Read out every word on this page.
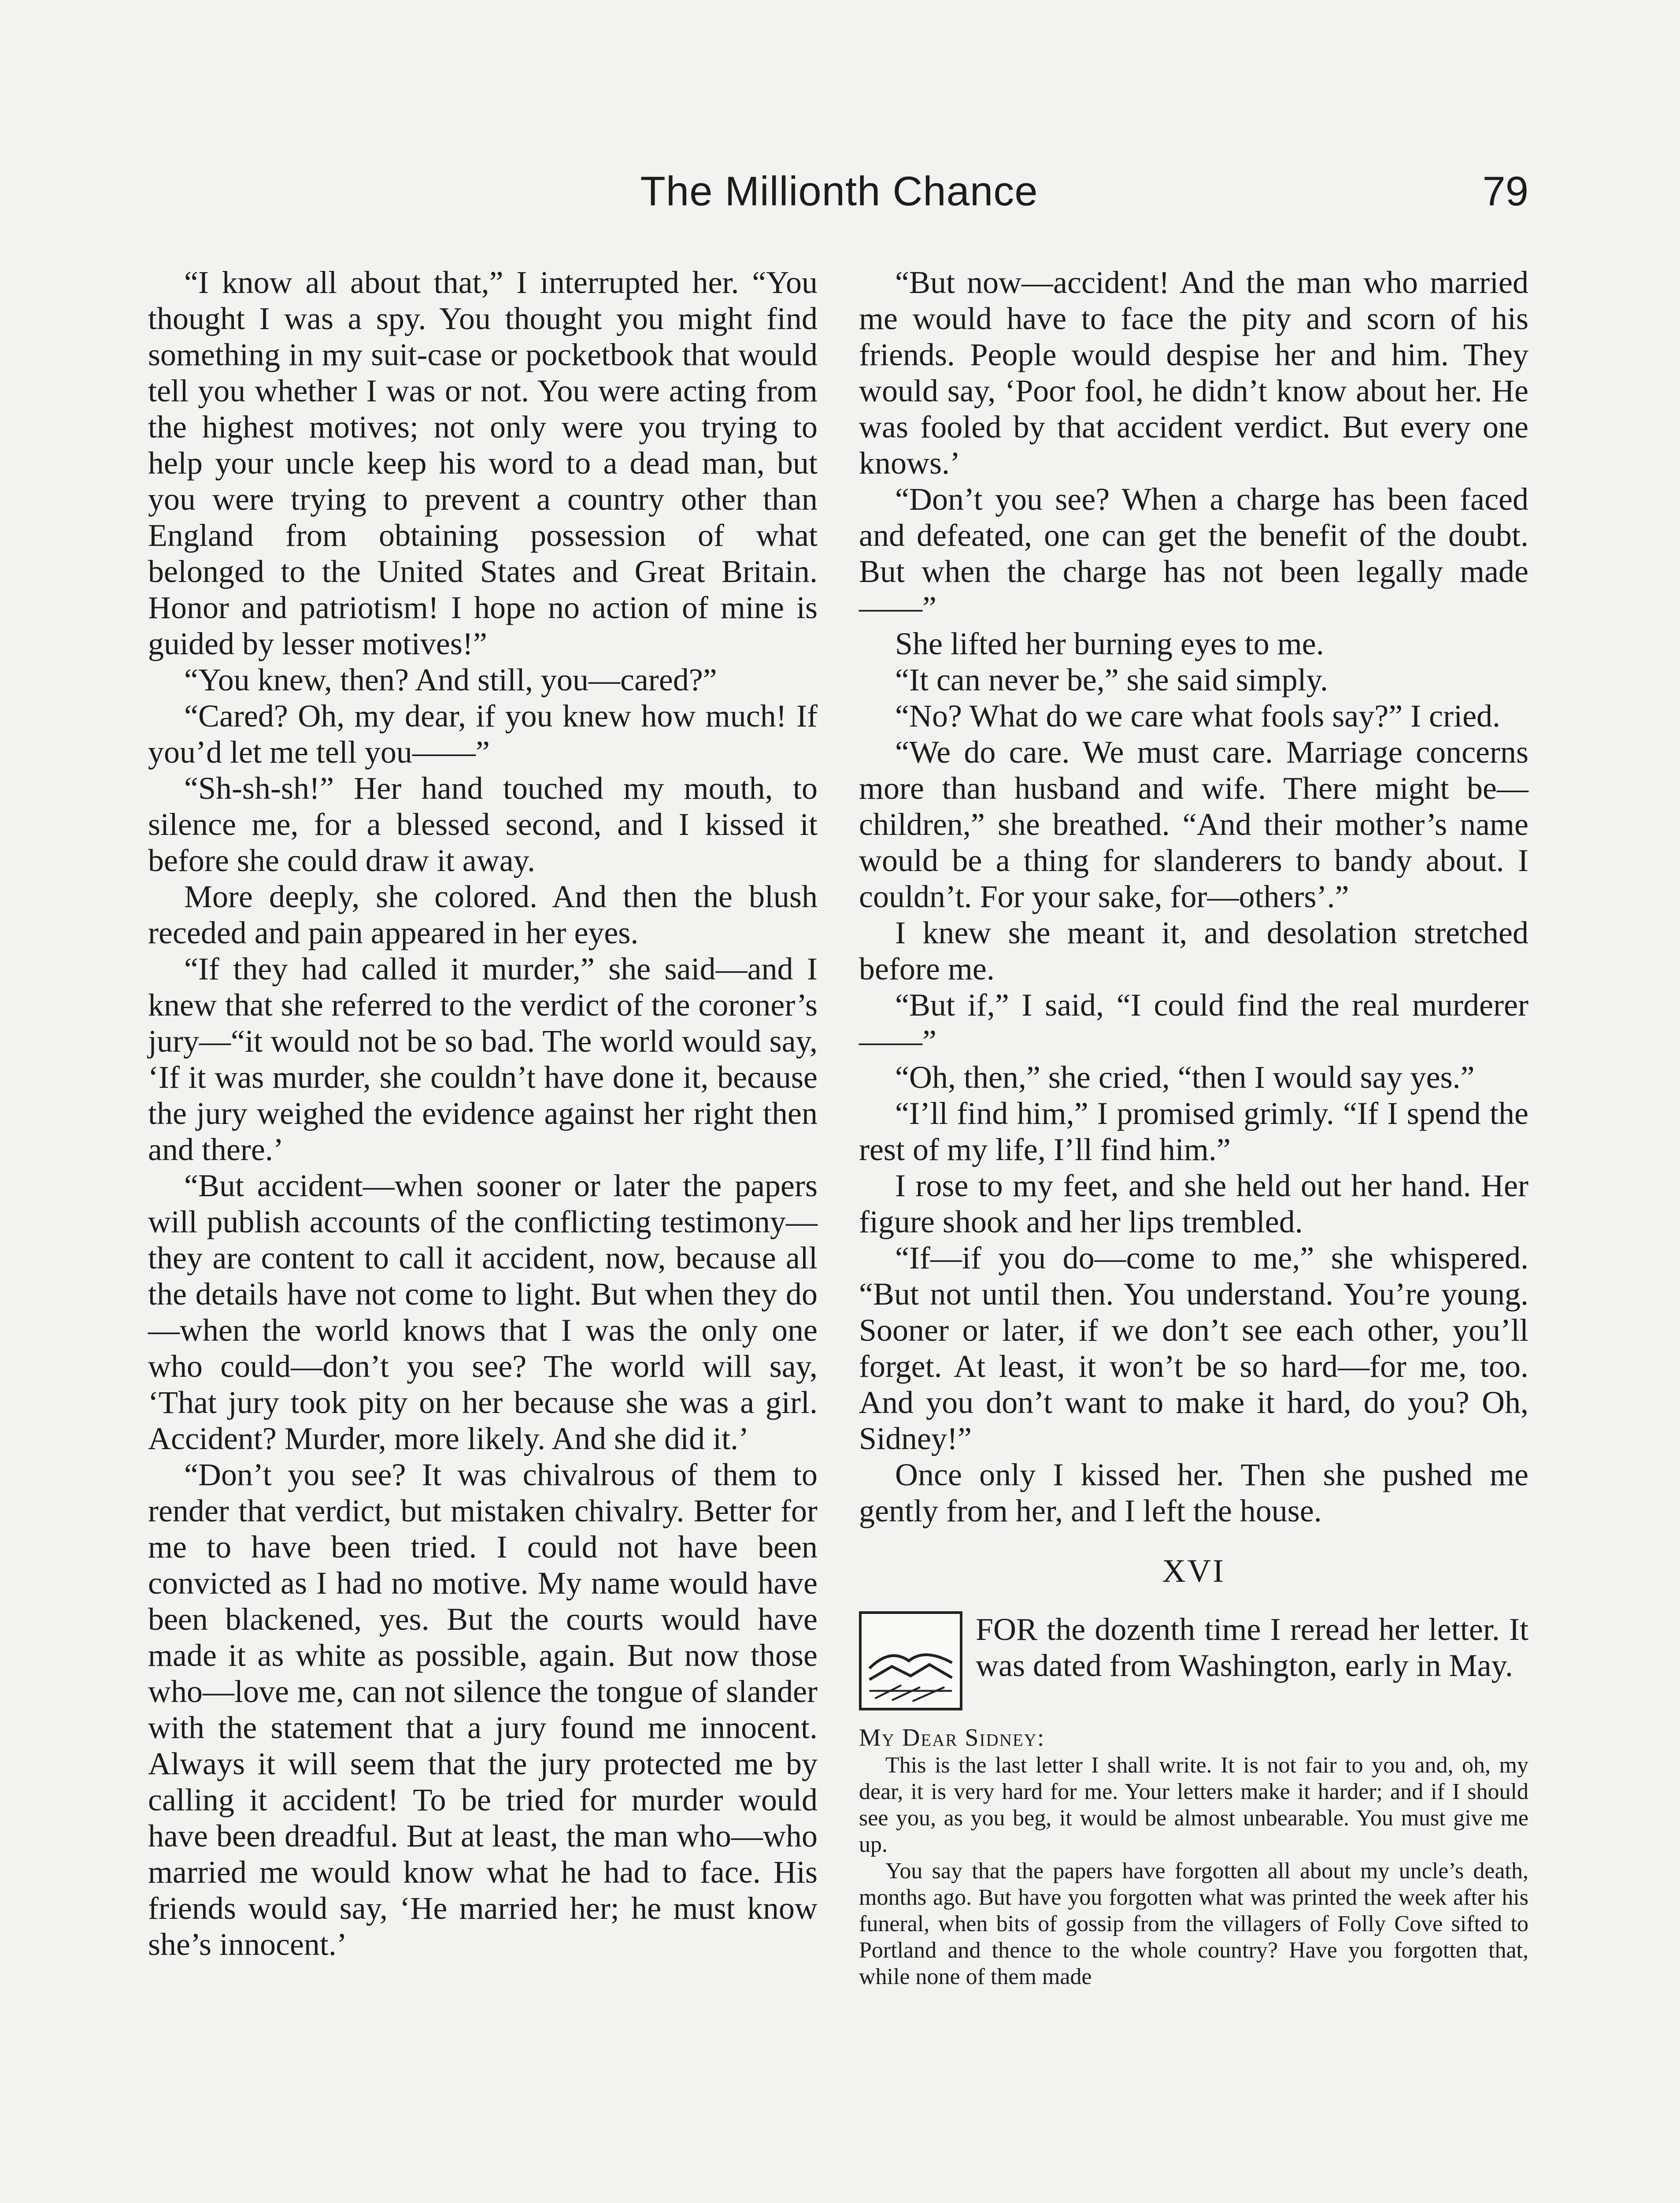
The Millionth Chance	79

“I know all about that,” I interrupted her. “You thought I was a spy. You thought you might find something in my suit-case or pocketbook that would tell you whether I was or not. You were acting from the highest motives; not only were you trying to help your uncle keep his word to a dead man, but you were trying to prevent a country other than England from obtaining possession of what belonged to the United States and Great Britain. Honor and patriotism! I hope no action of mine is guided by lesser motives!”

“You knew, then? And still, you—cared?”

“Cared? Oh, my dear, if you knew how much! If you’d let me tell you——”

“Sh-sh-sh!” Her hand touched my mouth, to silence me, for a blessed second, and I kissed it before she could draw it away.

More deeply, she colored. And then the blush receded and pain appeared in her eyes.

“If they had called it murder,” she said—and I knew that she referred to the verdict of the coroner’s jury—“it would not be so bad. The world would say, ‘If it was murder, she couldn’t have done it, because the jury weighed the evidence against her right then and there.’

“But accident—when sooner or later the papers will publish accounts of the conflicting testimony—they are content to call it accident, now, because all the details have not come to light. But when they do—when the world knows that I was the only one who could—don’t you see? The world will say, ‘That jury took pity on her because she was a girl. Accident? Murder, more likely. And she did it.’

“Don’t you see? It was chivalrous of them to render that verdict, but mistaken chivalry. Better for me to have been tried. I could not have been convicted as I had no motive. My name would have been blackened, yes. But the courts would have made it as white as possible, again. But now those who—love me, can not silence the tongue of slander with the statement that a jury found me innocent. Always it will seem that the jury protected me by calling it accident! To be tried for murder would have been dreadful. But at least, the man who—who married me would know what he had to face. His friends would say, ‘He married her; he must know she’s innocent.’

“But now—accident! And the man who married me would have to face the pity and scorn of his friends. People would despise her and him. They would say, ‘Poor fool, he didn’t know about her. He was fooled by that accident verdict. But every one knows.’

“Don’t you see? When a charge has been faced and defeated, one can get the benefit of the doubt. But when the charge has not been legally made——”

She lifted her burning eyes to me.

“It can never be,” she said simply.

“No? What do we care what fools say?” I cried.

“We do care. We must care. Marriage concerns more than husband and wife. There might be—children,” she breathed. “And their mother’s name would be a thing for slanderers to bandy about. I couldn’t. For your sake, for—others’.”

I knew she meant it, and desolation stretched before me.

“But if,” I said, “I could find the real murderer——”

“Oh, then,” she cried, “then I would say yes.”

“I’ll find him,” I promised grimly. “If I spend the rest of my life, I’ll find him.”

I rose to my feet, and she held out her hand. Her figure shook and her lips trembled.

“If—if you do—come to me,” she whispered. “But not until then. You understand. You’re young. Sooner or later, if we don’t see each other, you’ll forget. At least, it won’t be so hard—for me, too. And you don’t want to make it hard, do you? Oh, Sidney!”

Once only I kissed her. Then she pushed me gently from her, and I left the house.

XVI

FOR the dozenth time I reread her letter. It was dated from Washington, early in May.

My Dear Sidney:

This is the last letter I shall write. It is not fair to you and, oh, my dear, it is very hard for me. Your letters make it harder; and if I should see you, as you beg, it would be almost unbearable. You must give me up.

You say that the papers have forgotten all about my uncle’s death, months ago. But have you forgotten what was printed the week after his funeral, when bits of gossip from the villagers of Folly Cove sifted to Portland and thence to the whole country? Have you forgotten that, while none of them made
